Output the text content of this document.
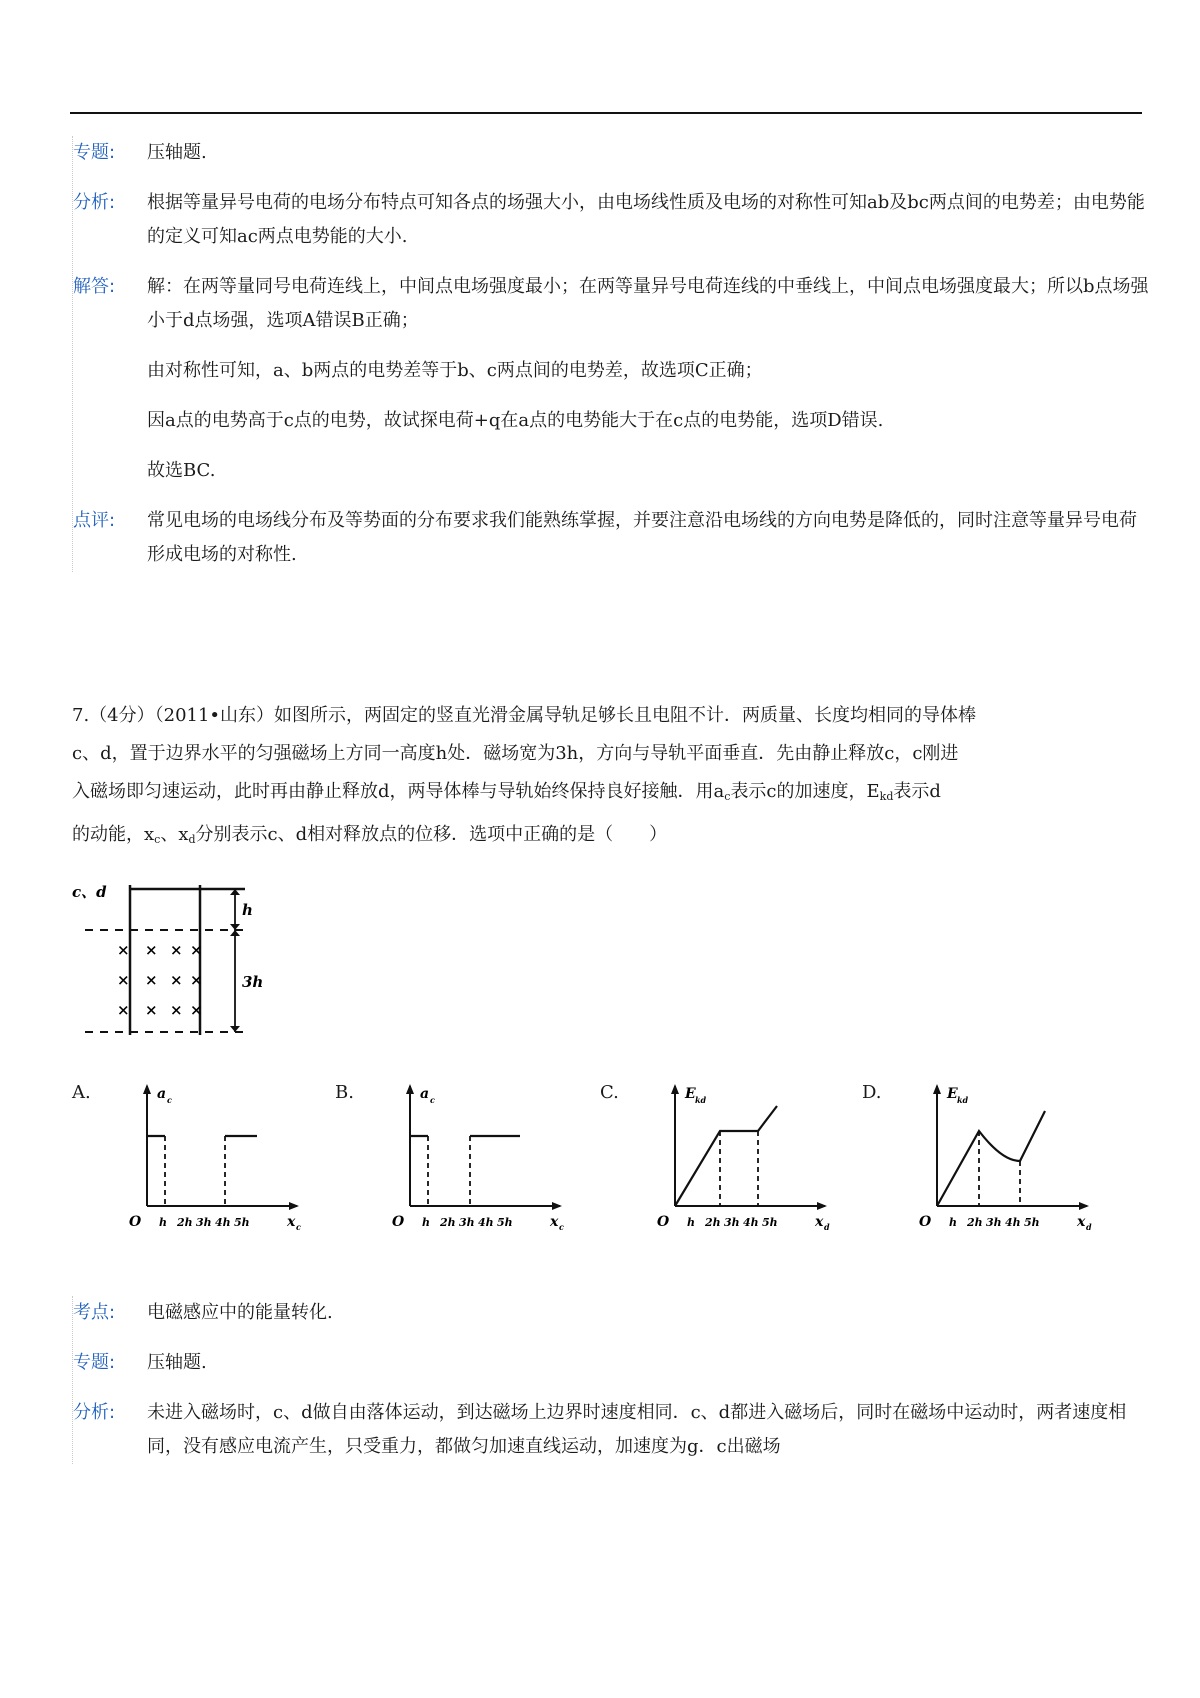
专题:	压轴题.
分析:	根据等量异号电荷的电场分布特点可知各点的场强大小，由电场线性质及电场的对称性可知ab及bc两点间的电势差；由电势能的定义可知ac两点电势能的大小.
解答:	解：在两等量同号电荷连线上，中间点电场强度最小；在两等量异号电荷连线的中垂线上，中间点电场强度最大；所以b点场强小于d点场强，选项A错误B正确；
由对称性可知，a、b两点的电势差等于b、c两点间的电势差，故选项C正确；
因a点的电势高于c点的电势，故试探电荷+q在a点的电势能大于在c点的电势能，选项D错误.
故选BC.
点评:	常见电场的电场线分布及等势面的分布要求我们能熟练掌握，并要注意沿电场线的方向电势是降低的，同时注意等量异号电荷形成电场的对称性.
7.（4分）（2011•山东）如图所示，两固定的竖直光滑金属导轨足够长且电阻不计．两质量、长度均相同的导体棒
c、d，置于边界水平的匀强磁场上方同一高度h处．磁场宽为3h，方向与导轨平面垂直．先由静止释放c，c刚进
入磁场即匀速运动，此时再由静止释放d，两导体棒与导轨始终保持良好接触．用$a_c$表示c的加速度，$E_{kd}$表示d
的动能，$x_c$、$x_d$分别表示c、d相对释放点的位移．选项中正确的是（　　）
c、d
h
3h
× × × ×
× × × ×
× × × ×
A.
O h 2h 3h 4h 5h
a c
x c
B.
O h 2h 3h 4h 5h
a c
x c
C.
O h 2h 3h 4h 5h
E kd
x d
D.
O h 2h 3h 4h 5h
E kd
x d
考点:	电磁感应中的能量转化.
专题:	压轴题.
分析:	未进入磁场时，c、d做自由落体运动，到达磁场上边界时速度相同．c、d都进入磁场后，同时在磁场中运动时，两者速度相同，没有感应电流产生，只受重力，都做匀加速直线运动，加速度为g．c出磁场
